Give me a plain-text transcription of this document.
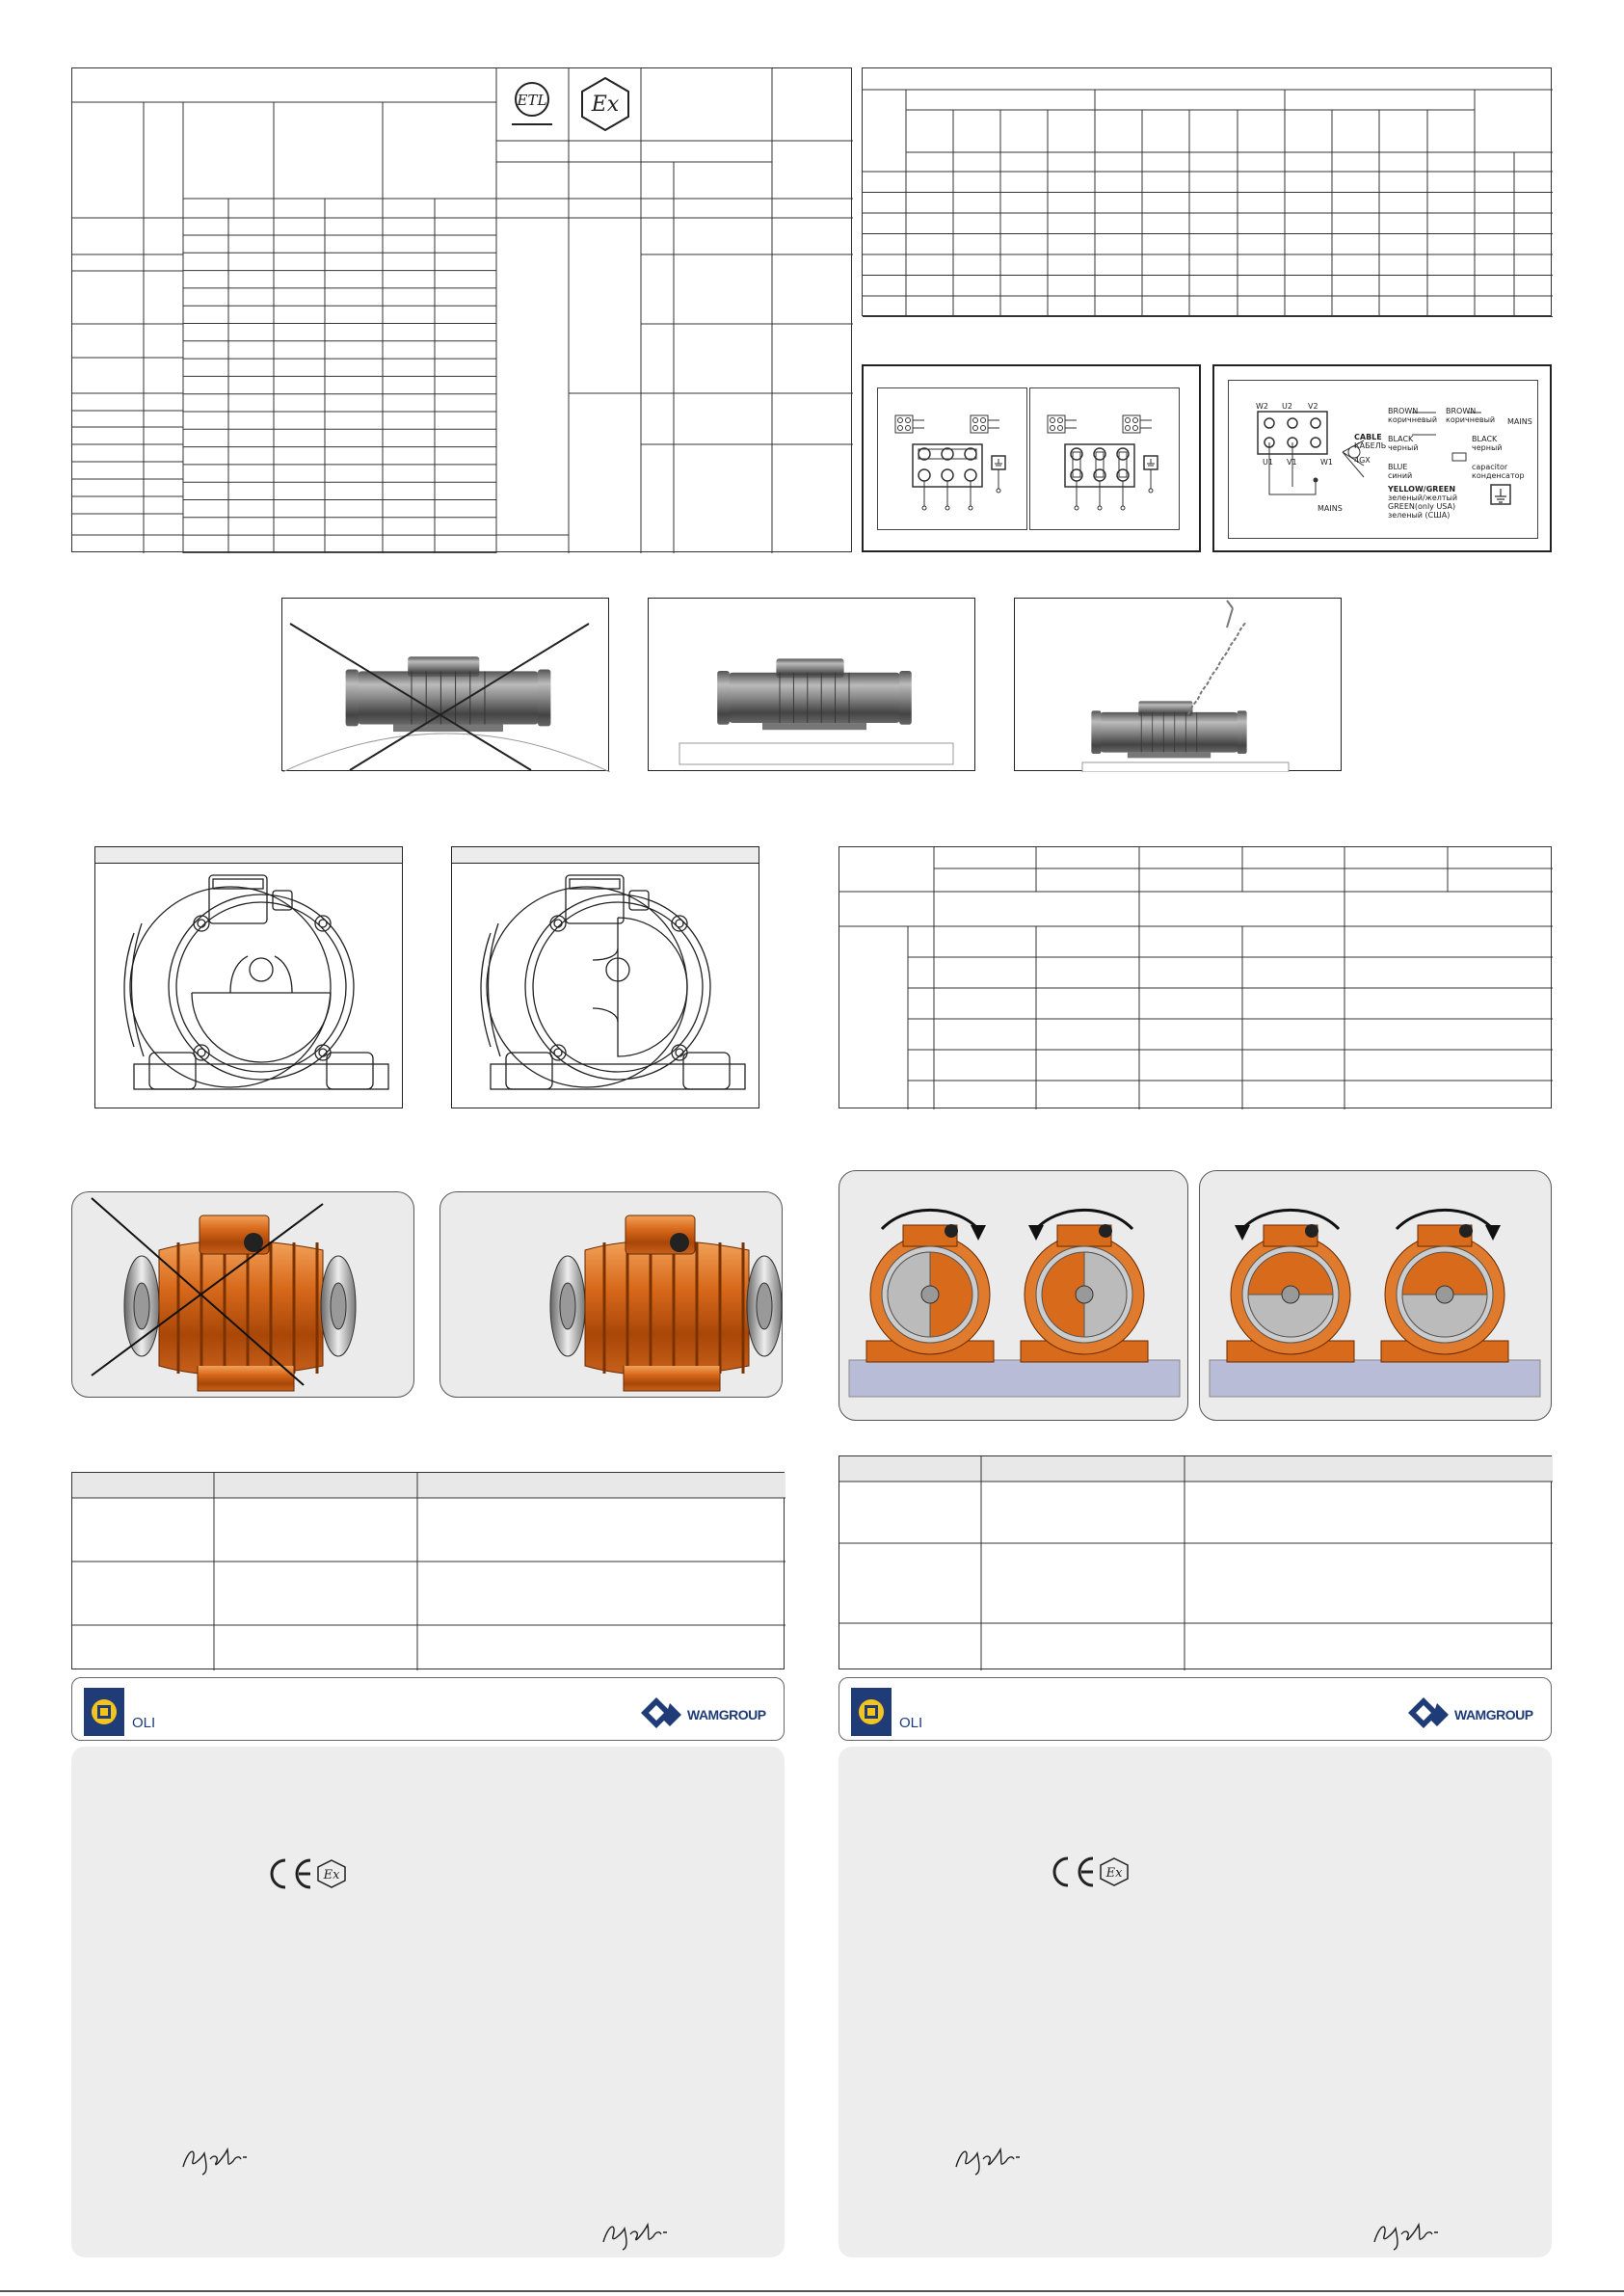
ETL Ex
W2 U2 V2
U1 V1	W1
MAINS
CABLE
КАБЕЛЬ
4GX
BROWN
коричневый
BROWN
коричневый MAINS
BLACK
черный
BLACK
черный
BLUE
синий
capacitor
конденсатор
YELLOW/GREEN
зеленый/желтый
GREEN(only USA)
зеленый (США)
OLI	WAMGROUP	OLI	WAMGROUP
Ex	Ex
